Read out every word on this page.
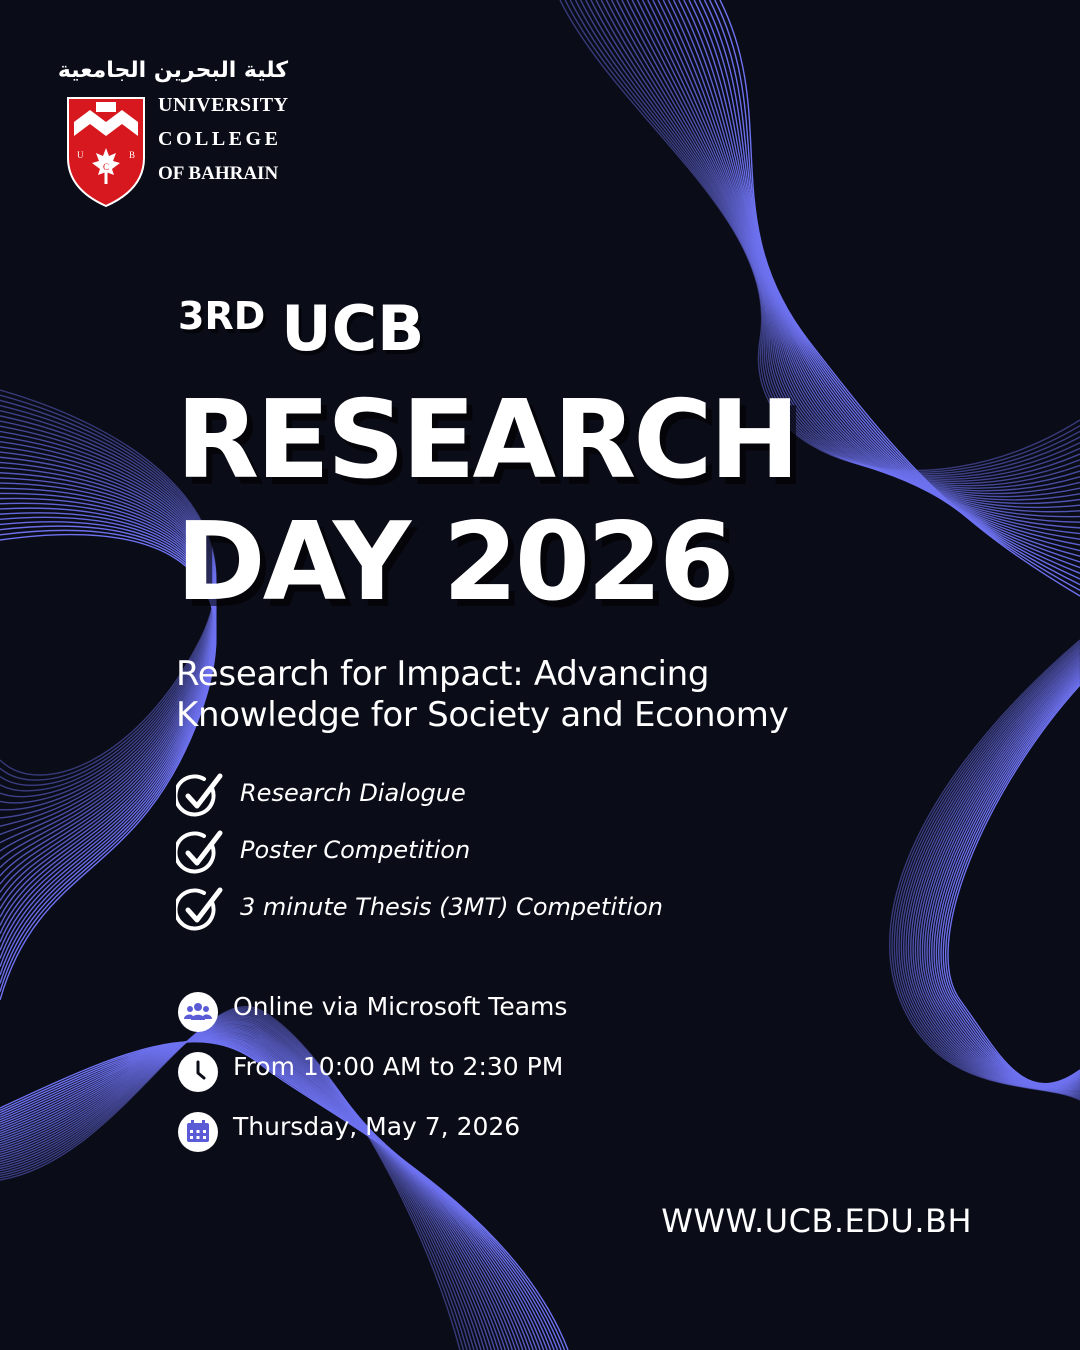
كلية البحرين الجامعية
U
C
B
UNIVERSITY
COLLEGE
OF BAHRAIN
3RD UCB
RESEARCH
DAY 2026
Research for Impact: Advancing
Knowledge for Society and Economy
Research Dialogue
Poster Competition
3 minute Thesis (3MT) Competition
Online via Microsoft Teams
From 10:00 AM to 2:30 PM
Thursday, May 7, 2026
WWW.UCB.EDU.BH
